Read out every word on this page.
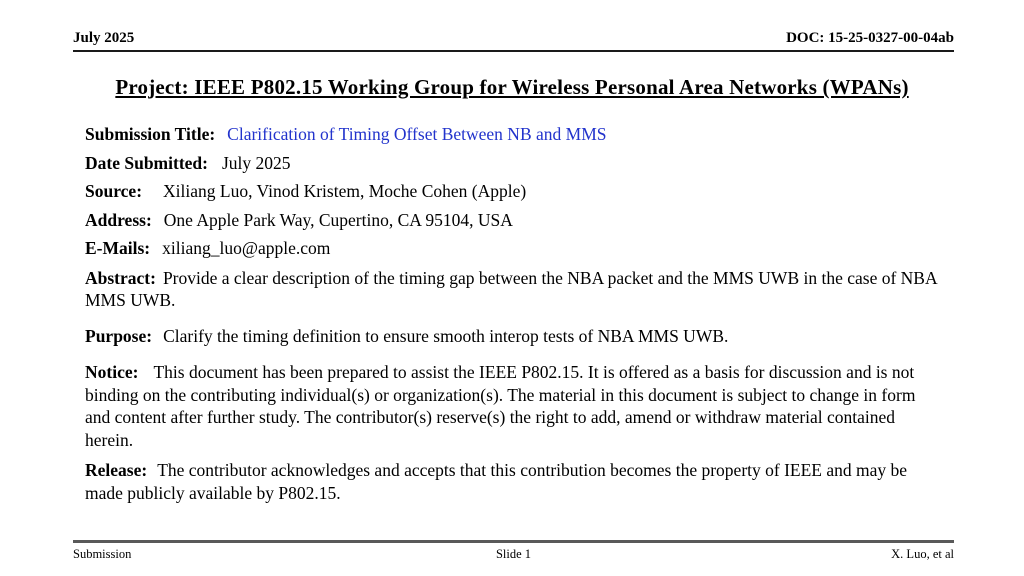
July 2025	DOC: 15-25-0327-00-04ab
Project: IEEE P802.15 Working Group for Wireless Personal Area Networks (WPANs)
Submission Title: Clarification of Timing Offset Between NB and MMS
Date Submitted: July 2025
Source: Xiliang Luo, Vinod Kristem, Moche Cohen (Apple)
Address: One Apple Park Way, Cupertino, CA 95104, USA
E-Mails: xiliang_luo@apple.com

Abstract: Provide a clear description of the timing gap between the NBA packet and the MMS UWB in the case of NBA MMS UWB.

Purpose: Clarify the timing definition to ensure smooth interop tests of NBA MMS UWB.

Notice: This document has been prepared to assist the IEEE P802.15. It is offered as a basis for discussion and is not binding on the contributing individual(s) or organization(s). The material in this document is subject to change in form and content after further study. The contributor(s) reserve(s) the right to add, amend or withdraw material contained herein.

Release: The contributor acknowledges and accepts that this contribution becomes the property of IEEE and may be made publicly available by P802.15.

Submission	Slide 1	X. Luo, et al
